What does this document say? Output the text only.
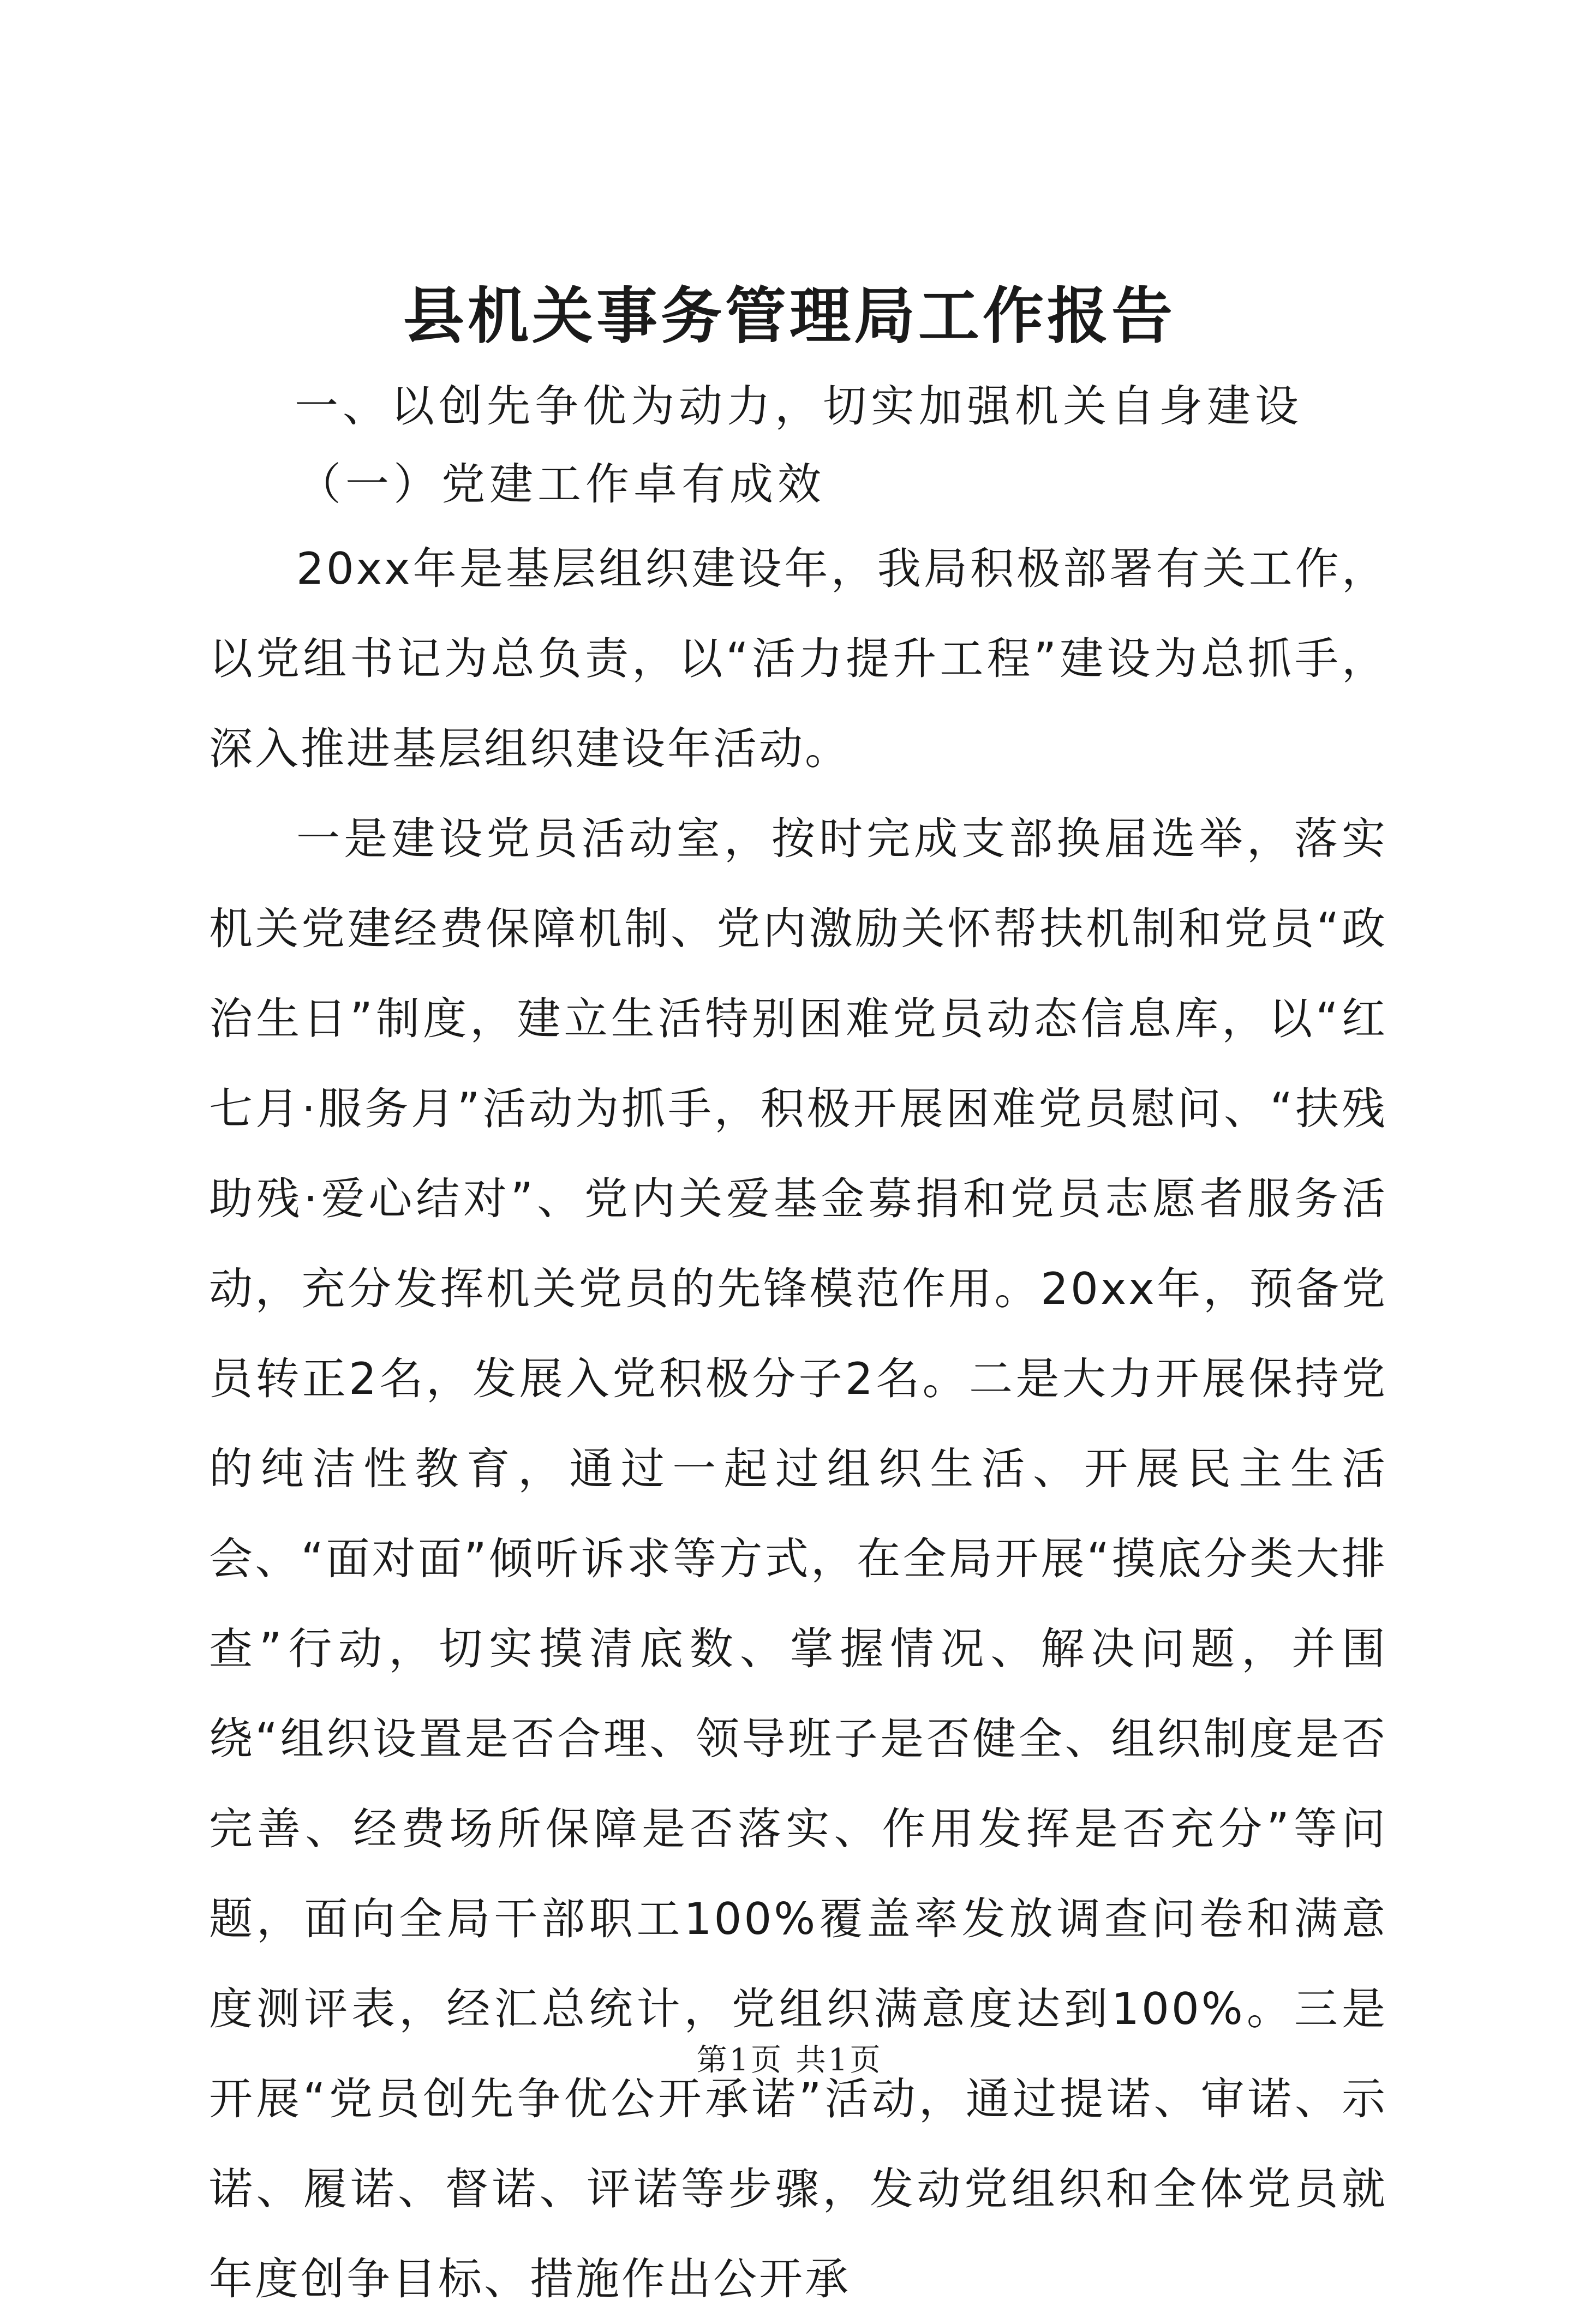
县机关事务管理局工作报告

一、以创先争优为动力，切实加强机关自身建设

（一）党建工作卓有成效

20xx年是基层组织建设年，我局积极部署有关工作，以党组书记为总负责，以“活力提升工程”建设为总抓手，深入推进基层组织建设年活动。

一是建设党员活动室，按时完成支部换届选举，落实机关党建经费保障机制、党内激励关怀帮扶机制和党员“政治生日”制度，建立生活特别困难党员动态信息库，以“红七月·服务月”活动为抓手，积极开展困难党员慰问、“扶残助残·爱心结对”、党内关爱基金募捐和党员志愿者服务活动，充分发挥机关党员的先锋模范作用。20xx年，预备党员转正2名，发展入党积极分子2名。二是大力开展保持党的纯洁性教育，通过一起过组织生活、开展民主生活会、“面对面”倾听诉求等方式，在全局开展“摸底分类大排查”行动，切实摸清底数、掌握情况、解决问题，并围绕“组织设置是否合理、领导班子是否健全、组织制度是否完善、经费场所保障是否落实、作用发挥是否充分”等问题，面向全局干部职工100%覆盖率发放调查问卷和满意度测评表，经汇总统计，党组织满意度达到100%。三是开展“党员创先争优公开承诺”活动，通过提诺、审诺、示诺、履诺、督诺、评诺等步骤，发动党组织和全体党员就年度创争目标、措施作出公开承

第1页 共1页
